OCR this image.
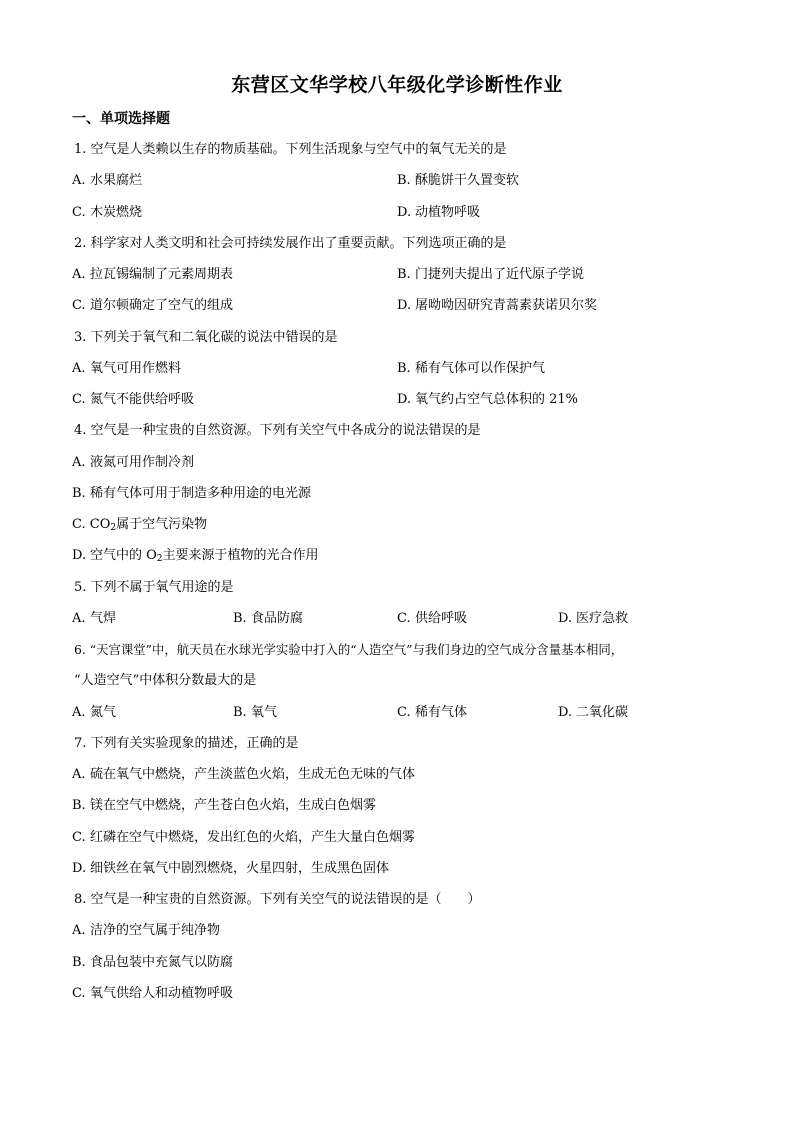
东营区文华学校八年级化学诊断性作业
一、单项选择题
1. 空气是人类赖以生存的物质基础。下列生活现象与空气中的氧气无关的是
A. 水果腐烂	B. 酥脆饼干久置变软
C. 木炭燃烧	D. 动植物呼吸
2. 科学家对人类文明和社会可持续发展作出了重要贡献。下列选项正确的是
A. 拉瓦锡编制了元素周期表	B. 门捷列夫提出了近代原子学说
C. 道尔顿确定了空气的组成	D. 屠呦呦因研究青蒿素获诺贝尔奖
3. 下列关于氧气和二氧化碳的说法中错误的是
A. 氧气可用作燃料	B. 稀有气体可以作保护气
C. 氮气不能供给呼吸	D. 氧气约占空气总体积的 21%
4. 空气是一种宝贵的自然资源。下列有关空气中各成分的说法错误的是
A. 液氮可用作制冷剂
B. 稀有气体可用于制造多种用途的电光源
C. $CO_2$属于空气污染物
D. 空气中的 $O_2$主要来源于植物的光合作用
5. 下列不属于氧气用途的是
A. 气焊	B. 食品防腐	C. 供给呼吸	D. 医疗急救
6. “天宫课堂”中，航天员在水球光学实验中打入的“人造空气”与我们身边的空气成分含量基本相同，
“人造空气”中体积分数最大的是
A. 氮气	B. 氧气	C. 稀有气体	D. 二氧化碳
7. 下列有关实验现象的描述，正确的是
A. 硫在氧气中燃烧，产生淡蓝色火焰，生成无色无味的气体
B. 镁在空气中燃烧，产生苍白色火焰，生成白色烟雾
C. 红磷在空气中燃烧，发出红色的火焰，产生大量白色烟雾
D. 细铁丝在氧气中剧烈燃烧，火星四射，生成黑色固体
8. 空气是一种宝贵的自然资源。下列有关空气的说法错误的是（　　）
A. 洁净的空气属于纯净物
B. 食品包装中充氮气以防腐
C. 氧气供给人和动植物呼吸
